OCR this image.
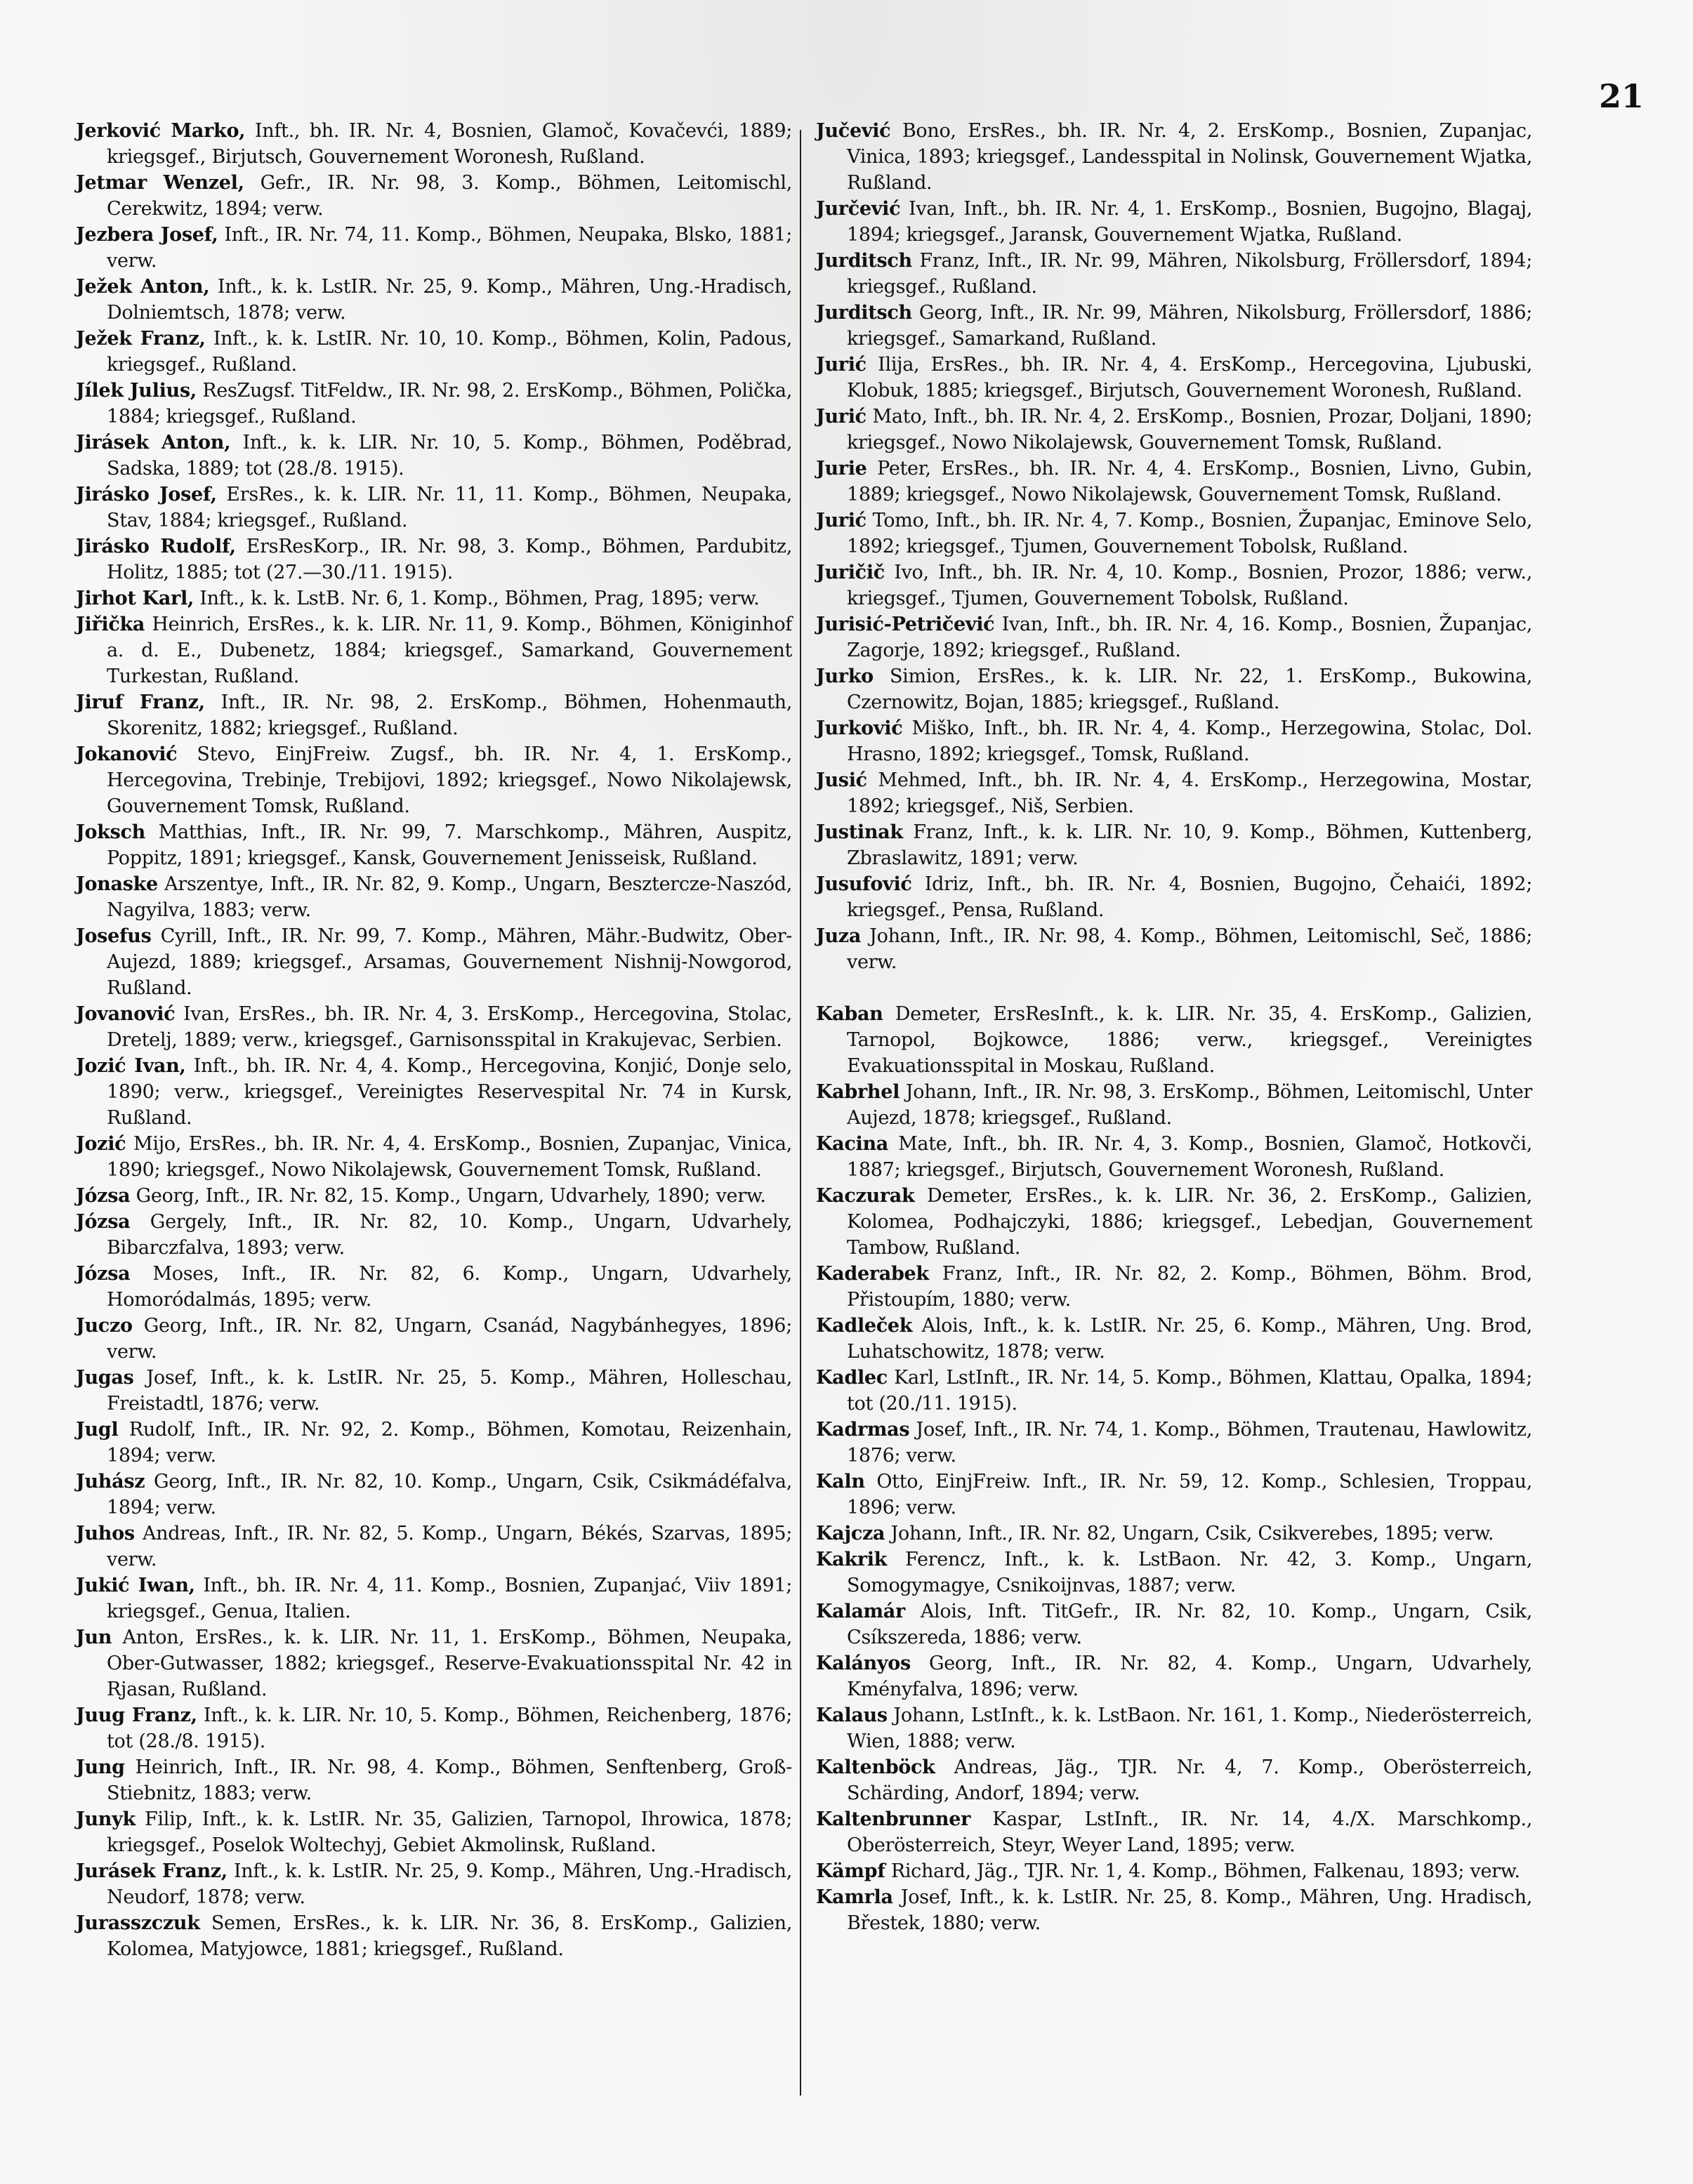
21

Jerković Marko, Inft., bh. IR. Nr. 4, Bosnien, Glamoč, Kovačevći, 1889; kriegsgef., Birjutsch, Gouvernement Woronesh, Rußland.

Jetmar Wenzel, Gefr., IR. Nr. 98, 3. Komp., Böhmen, Leitomischl, Cerekwitz, 1894; verw.

Jezbera Josef, Inft., IR. Nr. 74, 11. Komp., Böhmen, Neupaka, Blsko, 1881; verw.

Ježek Anton, Inft., k. k. LstIR. Nr. 25, 9. Komp., Mähren, Ung.-Hradisch, Dolniemtsch, 1878; verw.

Ježek Franz, Inft., k. k. LstIR. Nr. 10, 10. Komp., Böhmen, Kolin, Padous, kriegsgef., Rußland.

Jílek Julius, ResZugsf. TitFeldw., IR. Nr. 98, 2. ErsKomp., Böhmen, Polička, 1884; kriegsgef., Rußland.

Jirásek Anton, Inft., k. k. LIR. Nr. 10, 5. Komp., Böhmen, Poděbrad, Sadska, 1889; tot (28./8. 1915).

Jirásko Josef, ErsRes., k. k. LIR. Nr. 11, 11. Komp., Böhmen, Neupaka, Stav, 1884; kriegsgef., Rußland.

Jirásko Rudolf, ErsResKorp., IR. Nr. 98, 3. Komp., Böhmen, Pardubitz, Holitz, 1885; tot (27.—30./11. 1915).

Jirhot Karl, Inft., k. k. LstB. Nr. 6, 1. Komp., Böhmen, Prag, 1895; verw.

Jiřička Heinrich, ErsRes., k. k. LIR. Nr. 11, 9. Komp., Böhmen, Königinhof a. d. E., Dubenetz, 1884; kriegsgef., Samarkand, Gouvernement Turkestan, Rußland.

Jiruf Franz, Inft., IR. Nr. 98, 2. ErsKomp., Böhmen, Hohenmauth, Skorenitz, 1882; kriegsgef., Rußland.

Jokanović Stevo, EinjFreiw. Zugsf., bh. IR. Nr. 4, 1. ErsKomp., Hercegovina, Trebinje, Trebijovi, 1892; kriegsgef., Nowo Nikolajewsk, Gouvernement Tomsk, Rußland.

Joksch Matthias, Inft., IR. Nr. 99, 7. Marschkomp., Mähren, Auspitz, Poppitz, 1891; kriegsgef., Kansk, Gouvernement Jenisseisk, Rußland.

Jonaske Arszentye, Inft., IR. Nr. 82, 9. Komp., Ungarn, Besztercze-Naszód, Nagyilva, 1883; verw.

Josefus Cyrill, Inft., IR. Nr. 99, 7. Komp., Mähren, Mähr.-Budwitz, Ober-Aujezd, 1889; kriegsgef., Arsamas, Gouvernement Nishnij-Nowgorod, Rußland.

Jovanović Ivan, ErsRes., bh. IR. Nr. 4, 3. ErsKomp., Hercegovina, Stolac, Dretelj, 1889; verw., kriegsgef., Garnisonsspital in Krakujevac, Serbien.

Jozić Ivan, Inft., bh. IR. Nr. 4, 4. Komp., Hercegovina, Konjić, Donje selo, 1890; verw., kriegsgef., Vereinigtes Reservespital Nr. 74 in Kursk, Rußland.

Jozić Mijo, ErsRes., bh. IR. Nr. 4, 4. ErsKomp., Bosnien, Zupanjac, Vinica, 1890; kriegsgef., Nowo Nikolajewsk, Gouvernement Tomsk, Rußland.

Józsa Georg, Inft., IR. Nr. 82, 15. Komp., Ungarn, Udvarhely, 1890; verw.

Józsa Gergely, Inft., IR. Nr. 82, 10. Komp., Ungarn, Udvarhely, Bibarczfalva, 1893; verw.

Józsa Moses, Inft., IR. Nr. 82, 6. Komp., Ungarn, Udvarhely, Homoródalmás, 1895; verw.

Juczo Georg, Inft., IR. Nr. 82, Ungarn, Csanád, Nagybánhegyes, 1896; verw.

Jugas Josef, Inft., k. k. LstIR. Nr. 25, 5. Komp., Mähren, Holleschau, Freistadtl, 1876; verw.

Jugl Rudolf, Inft., IR. Nr. 92, 2. Komp., Böhmen, Komotau, Reizenhain, 1894; verw.

Juhász Georg, Inft., IR. Nr. 82, 10. Komp., Ungarn, Csik, Csikmádéfalva, 1894; verw.

Juhos Andreas, Inft., IR. Nr. 82, 5. Komp., Ungarn, Békés, Szarvas, 1895; verw.

Jukić Iwan, Inft., bh. IR. Nr. 4, 11. Komp., Bosnien, Zupanjać, Viiv 1891; kriegsgef., Genua, Italien.

Jun Anton, ErsRes., k. k. LIR. Nr. 11, 1. ErsKomp., Böhmen, Neupaka, Ober-Gutwasser, 1882; kriegsgef., Reserve-Evakuationsspital Nr. 42 in Rjasan, Rußland.

Juug Franz, Inft., k. k. LIR. Nr. 10, 5. Komp., Böhmen, Reichenberg, 1876; tot (28./8. 1915).

Jung Heinrich, Inft., IR. Nr. 98, 4. Komp., Böhmen, Senftenberg, Groß-Stiebnitz, 1883; verw.

Junyk Filip, Inft., k. k. LstIR. Nr. 35, Galizien, Tarnopol, Ihrowica, 1878; kriegsgef., Poselok Woltechyj, Gebiet Akmolinsk, Rußland.

Jurásek Franz, Inft., k. k. LstIR. Nr. 25, 9. Komp., Mähren, Ung.-Hradisch, Neudorf, 1878; verw.

Jurasszczuk Semen, ErsRes., k. k. LIR. Nr. 36, 8. ErsKomp., Galizien, Kolomea, Matyjowce, 1881; kriegsgef., Rußland.

Jučević Bono, ErsRes., bh. IR. Nr. 4, 2. ErsKomp., Bosnien, Zupanjac, Vinica, 1893; kriegsgef., Landesspital in Nolinsk, Gouvernement Wjatka, Rußland.

Jurčević Ivan, Inft., bh. IR. Nr. 4, 1. ErsKomp., Bosnien, Bugojno, Blagaj, 1894; kriegsgef., Jaransk, Gouvernement Wjatka, Rußland.

Jurditsch Franz, Inft., IR. Nr. 99, Mähren, Nikolsburg, Fröllersdorf, 1894; kriegsgef., Rußland.

Jurditsch Georg, Inft., IR. Nr. 99, Mähren, Nikolsburg, Fröllersdorf, 1886; kriegsgef., Samarkand, Rußland.

Jurić Ilija, ErsRes., bh. IR. Nr. 4, 4. ErsKomp., Hercegovina, Ljubuski, Klobuk, 1885; kriegsgef., Birjutsch, Gouvernement Woronesh, Rußland.

Jurić Mato, Inft., bh. IR. Nr. 4, 2. ErsKomp., Bosnien, Prozar, Doljani, 1890; kriegsgef., Nowo Nikolajewsk, Gouvernement Tomsk, Rußland.

Jurie Peter, ErsRes., bh. IR. Nr. 4, 4. ErsKomp., Bosnien, Livno, Gubin, 1889; kriegsgef., Nowo Nikolajewsk, Gouvernement Tomsk, Rußland.

Jurić Tomo, Inft., bh. IR. Nr. 4, 7. Komp., Bosnien, Županjac, Eminove Selo, 1892; kriegsgef., Tjumen, Gouvernement Tobolsk, Rußland.

Juričič Ivo, Inft., bh. IR. Nr. 4, 10. Komp., Bosnien, Prozor, 1886; verw., kriegsgef., Tjumen, Gouvernement Tobolsk, Rußland.

Jurisić-Petričević Ivan, Inft., bh. IR. Nr. 4, 16. Komp., Bosnien, Županjac, Zagorje, 1892; kriegsgef., Rußland.

Jurko Simion, ErsRes., k. k. LIR. Nr. 22, 1. ErsKomp., Bukowina, Czernowitz, Bojan, 1885; kriegsgef., Rußland.

Jurković Miško, Inft., bh. IR. Nr. 4, 4. Komp., Herzegowina, Stolac, Dol. Hrasno, 1892; kriegsgef., Tomsk, Rußland.

Jusić Mehmed, Inft., bh. IR. Nr. 4, 4. ErsKomp., Herzegowina, Mostar, 1892; kriegsgef., Niš, Serbien.

Justinak Franz, Inft., k. k. LIR. Nr. 10, 9. Komp., Böhmen, Kuttenberg, Zbraslawitz, 1891; verw.

Jusufović Idriz, Inft., bh. IR. Nr. 4, Bosnien, Bugojno, Čehaići, 1892; kriegsgef., Pensa, Rußland.

Juza Johann, Inft., IR. Nr. 98, 4. Komp., Böhmen, Leitomischl, Seč, 1886; verw.

Kaban Demeter, ErsResInft., k. k. LIR. Nr. 35, 4. ErsKomp., Galizien, Tarnopol, Bojkowce, 1886; verw., kriegsgef., Vereinigtes Evakuationsspital in Moskau, Rußland.

Kabrhel Johann, Inft., IR. Nr. 98, 3. ErsKomp., Böhmen, Leitomischl, Unter Aujezd, 1878; kriegsgef., Rußland.

Kacina Mate, Inft., bh. IR. Nr. 4, 3. Komp., Bosnien, Glamoč, Hotkovči, 1887; kriegsgef., Birjutsch, Gouvernement Woronesh, Rußland.

Kaczurak Demeter, ErsRes., k. k. LIR. Nr. 36, 2. ErsKomp., Galizien, Kolomea, Podhajczyki, 1886; kriegsgef., Lebedjan, Gouvernement Tambow, Rußland.

Kaderabek Franz, Inft., IR. Nr. 82, 2. Komp., Böhmen, Böhm. Brod, Přistoupím, 1880; verw.

Kadleček Alois, Inft., k. k. LstIR. Nr. 25, 6. Komp., Mähren, Ung. Brod, Luhatschowitz, 1878; verw.

Kadlec Karl, LstInft., IR. Nr. 14, 5. Komp., Böhmen, Klattau, Opalka, 1894; tot (20./11. 1915).

Kadrmas Josef, Inft., IR. Nr. 74, 1. Komp., Böhmen, Trautenau, Hawlowitz, 1876; verw.

Kaln Otto, EinjFreiw. Inft., IR. Nr. 59, 12. Komp., Schlesien, Troppau, 1896; verw.

Kajcza Johann, Inft., IR. Nr. 82, Ungarn, Csik, Csikverebes, 1895; verw.

Kakrik Ferencz, Inft., k. k. LstBaon. Nr. 42, 3. Komp., Ungarn, Somogymagye, Csnikoijnvas, 1887; verw.

Kalamár Alois, Inft. TitGefr., IR. Nr. 82, 10. Komp., Ungarn, Csik, Csíkszereda, 1886; verw.

Kalányos Georg, Inft., IR. Nr. 82, 4. Komp., Ungarn, Udvarhely, Kményfalva, 1896; verw.

Kalaus Johann, LstInft., k. k. LstBaon. Nr. 161, 1. Komp., Niederösterreich, Wien, 1888; verw.

Kaltenböck Andreas, Jäg., TJR. Nr. 4, 7. Komp., Oberösterreich, Schärding, Andorf, 1894; verw.

Kaltenbrunner Kaspar, LstInft., IR. Nr. 14, 4./X. Marschkomp., Oberösterreich, Steyr, Weyer Land, 1895; verw.

Kämpf Richard, Jäg., TJR. Nr. 1, 4. Komp., Böhmen, Falkenau, 1893; verw.

Kamrla Josef, Inft., k. k. LstIR. Nr. 25, 8. Komp., Mähren, Ung. Hradisch, Břestek, 1880; verw.
